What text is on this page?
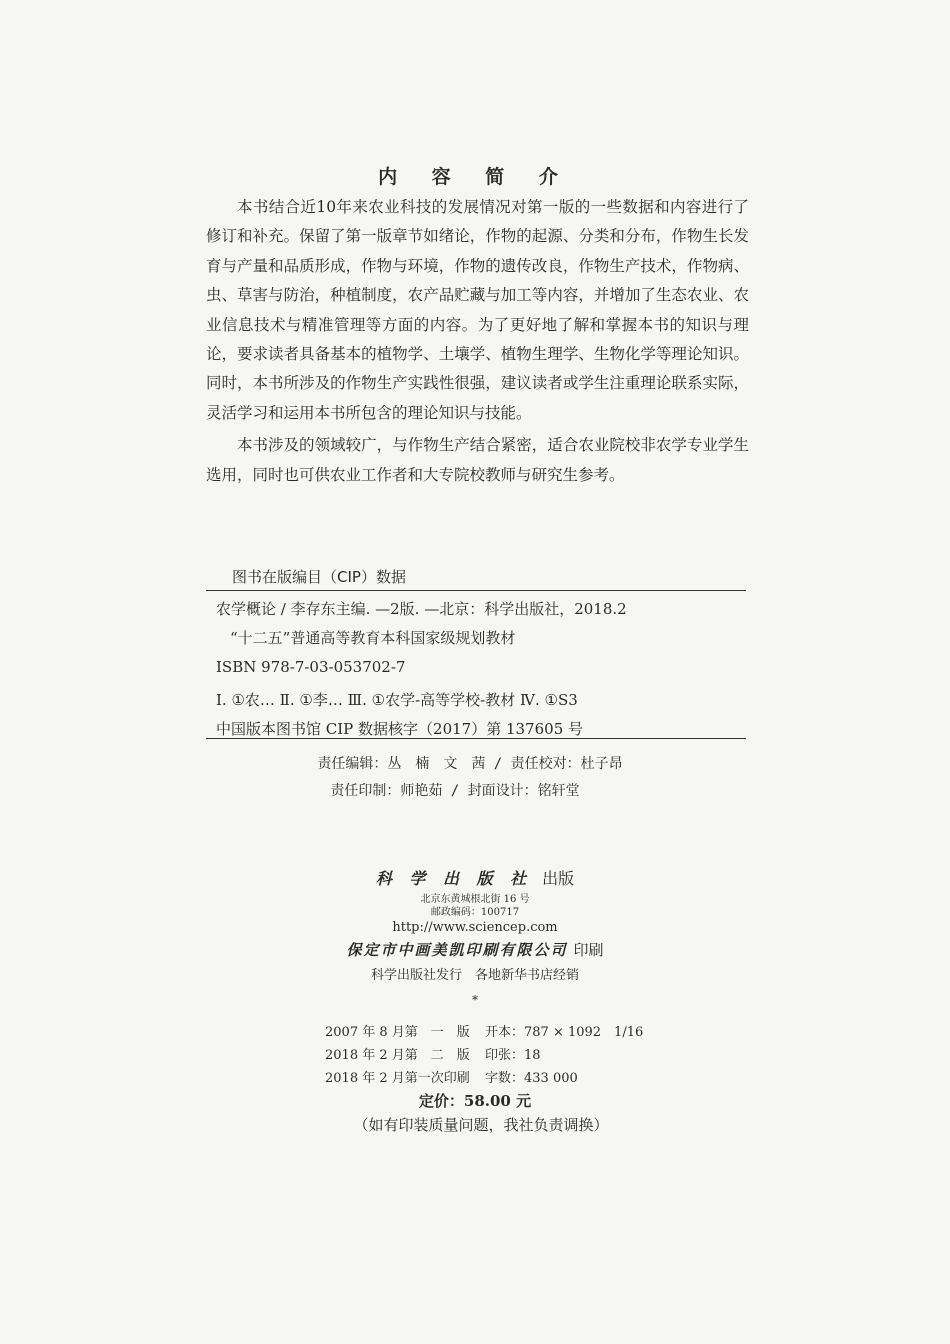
内 容 简 介

本书结合近10年来农业科技的发展情况对第一版的一些数据和内容进行了修订和补充。保留了第一版章节如绪论，作物的起源、分类和分布，作物生长发育与产量和品质形成，作物与环境，作物的遗传改良，作物生产技术，作物病、虫、草害与防治，种植制度，农产品贮藏与加工等内容，并增加了生态农业、农业信息技术与精准管理等方面的内容。为了更好地了解和掌握本书的知识与理论，要求读者具备基本的植物学、土壤学、植物生理学、生物化学等理论知识。同时，本书所涉及的作物生产实践性很强，建议读者或学生注重理论联系实际，灵活学习和运用本书所包含的理论知识与技能。

本书涉及的领域较广，与作物生产结合紧密，适合农业院校非农学专业学生选用，同时也可供农业工作者和大专院校教师与研究生参考。

图书在版编目（CIP）数据
农学概论 / 李存东主编. —2版. —北京：科学出版社，2018.2
“十二五”普通高等教育本科国家级规划教材
ISBN 978-7-03-053702-7
Ⅰ. ①农… Ⅱ. ①李… Ⅲ. ①农学-高等学校-教材 Ⅳ. ①S3
中国版本图书馆 CIP 数据核字（2017）第 137605 号
责任编辑：丛　楠　文　茜 / 责任校对：杜子昂
责任印制：师艳茹 / 封面设计：铭轩堂
科 学 出 版 社 出版
北京东黄城根北街 16 号
邮政编码：100717
http://www.sciencep.com
保定市中画美凯印刷有限公司 印刷
科学出版社发行　各地新华书店经销
*
2007 年 8 月第　一　版 开本：787 × 1092　1/16
2018 年 2 月第　二　版 印张：18
2018 年 2 月第一次印刷 字数：433 000
定价：58.00 元
（如有印装质量问题，我社负责调换）
